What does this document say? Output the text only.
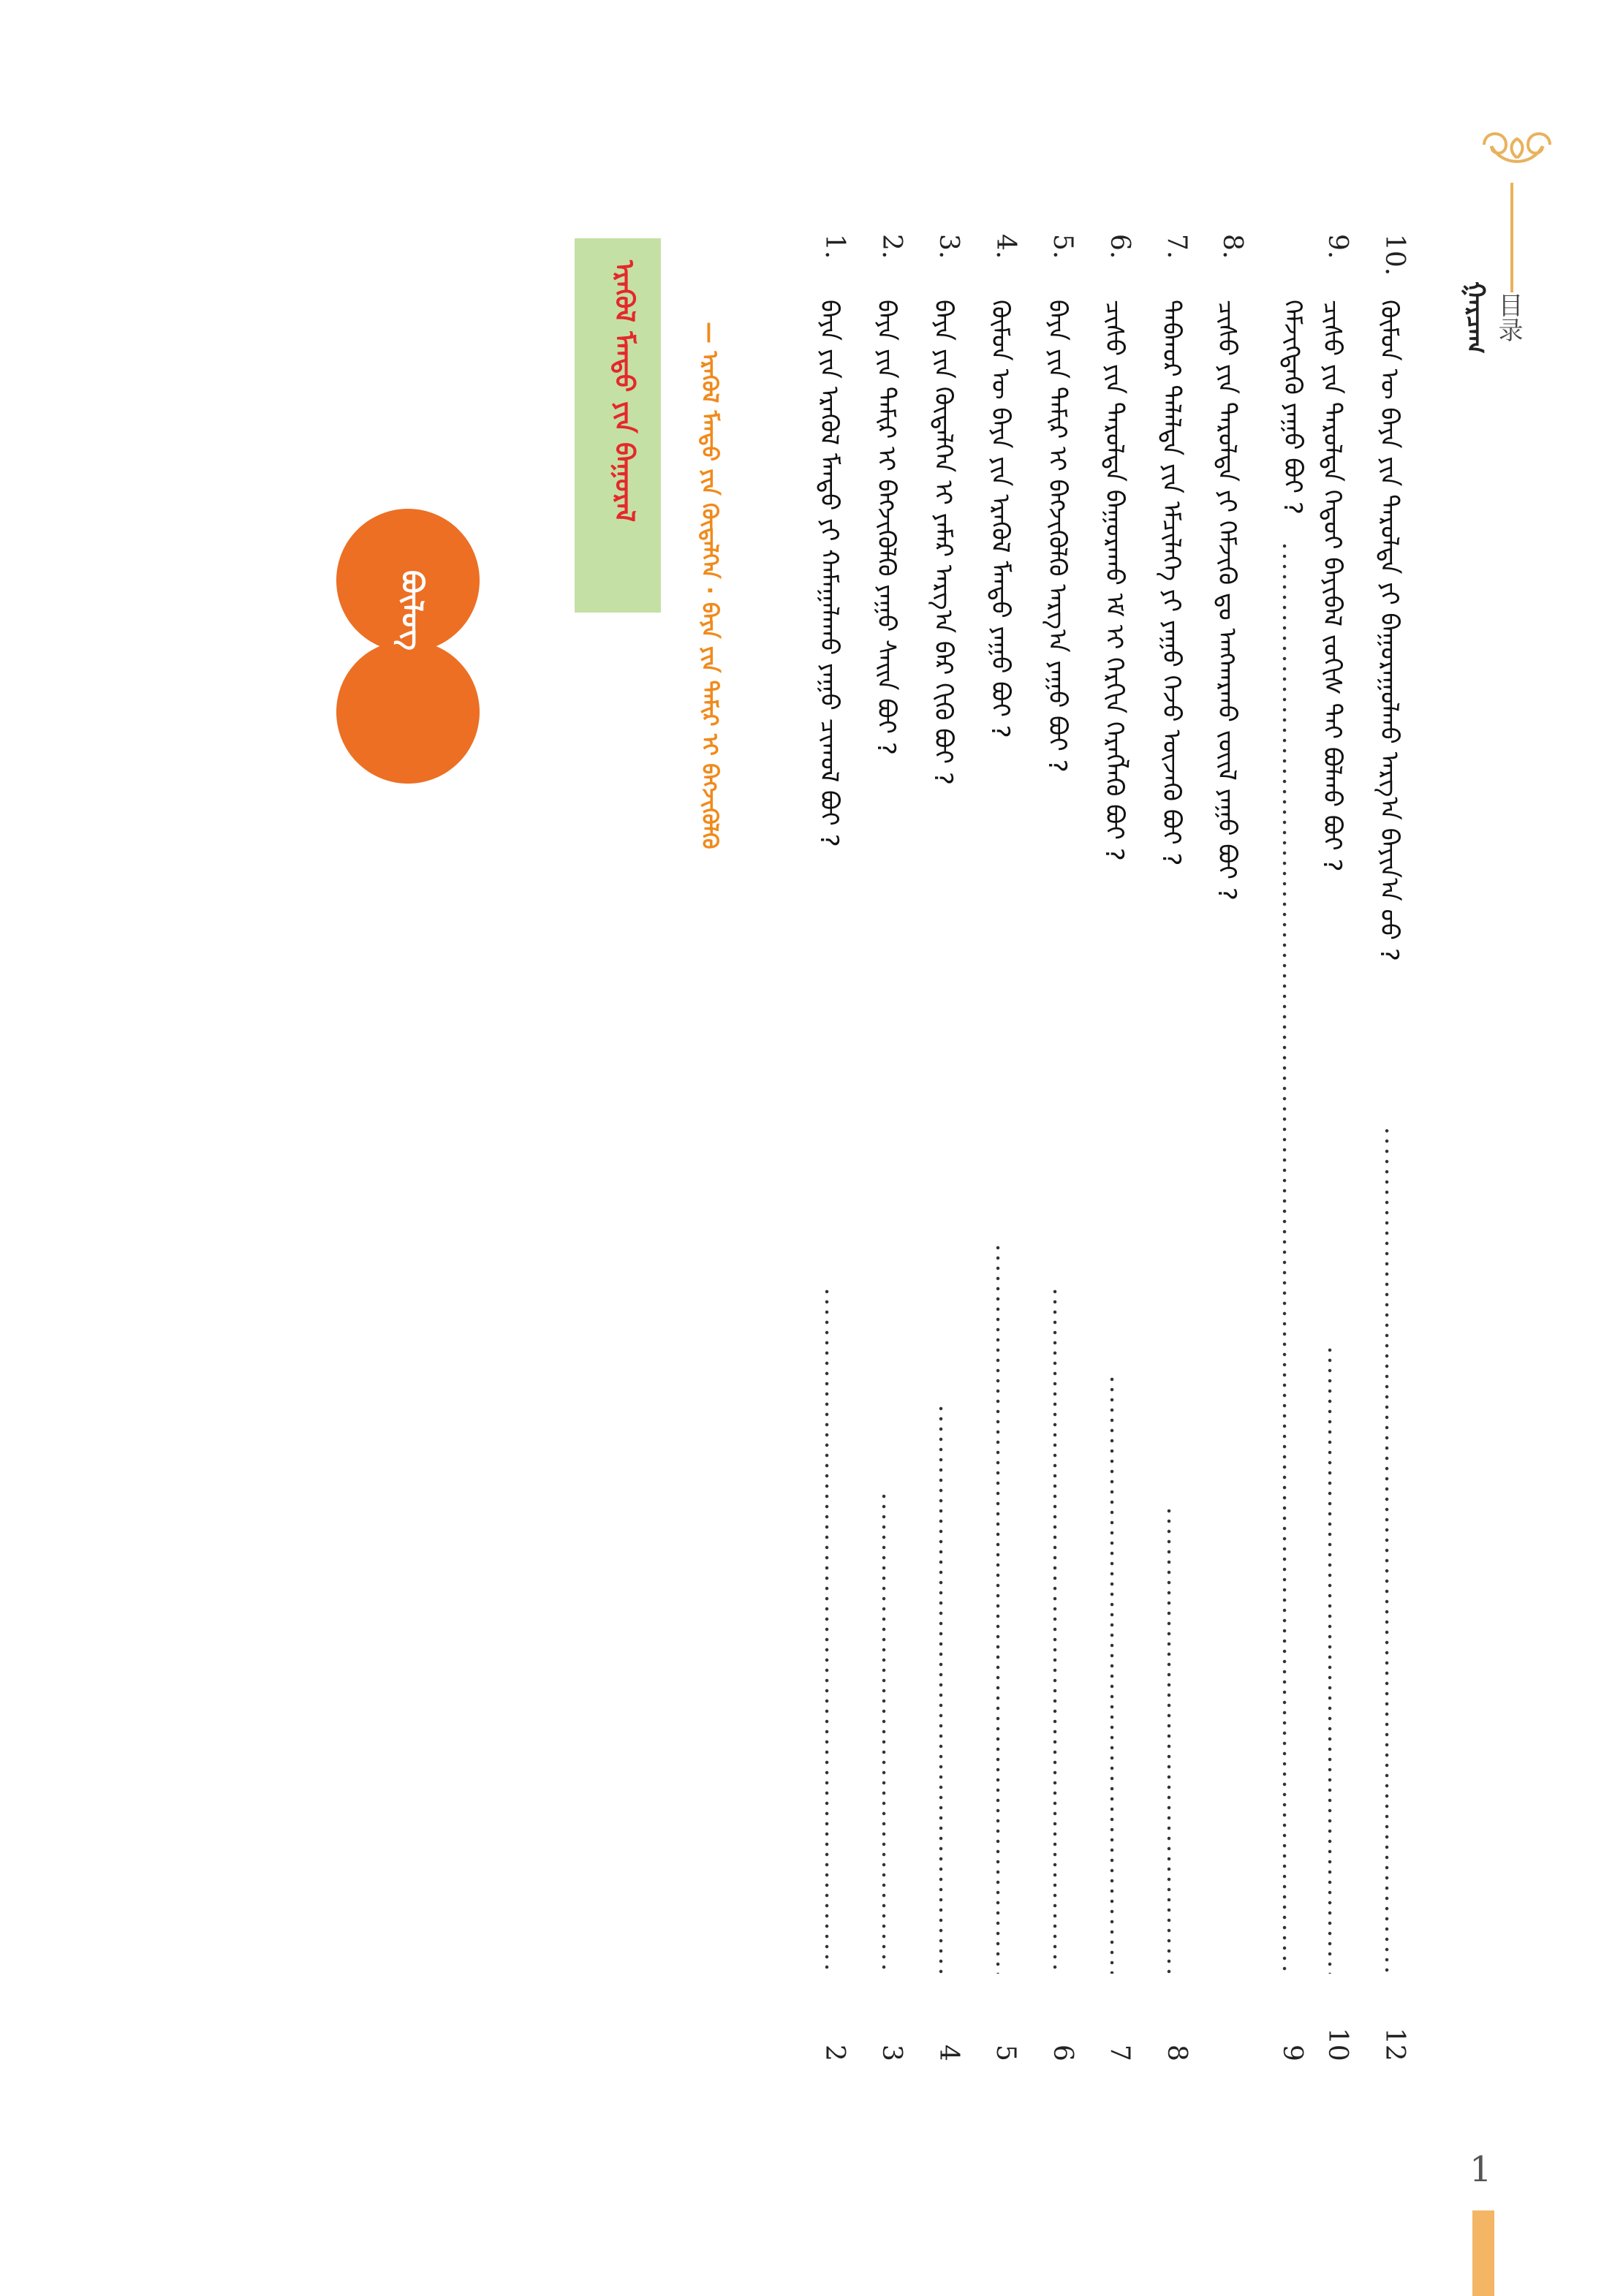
目录
ᠭᠠᠷᠴᠠᠭ
10.
ᠬᠦᠮᠦᠨ ᠦ ᠪᠡᠶᠡ ᠶᠢᠨ ᠳᠠᠷᠤᠯᠲᠠ ᠶᠢ ᠪᠠᠭᠤᠷᠠᠭᠤᠯᠬᠤ ᠠᠷᠭ᠎ᠠ ᠪᠠᠶᠢᠨ᠎ᠠ ᠤᠤ ?
12
9.
ᠴᠢᠰᠤ ᠶᠢᠨ ᠳᠠᠷᠤᠯᠲᠠ ᠬᠡᠳᠦᠢ ᠪᠠᠶᠢᠪᠠᠯ ᠵᠣᠬᠢᠰ ᠲᠠᠢ ᠪᠣᠯᠬᠤ ᠪᠤᠢ ?
10
ᠬᠡᠮᠵᠢᠭᠳᠡᠬᠦ ᠶᠠᠭᠤ ᠪᠤᠢ ?
9
8.
ᠴᠢᠰᠤ ᠶᠢᠨ ᠳᠠᠷᠤᠯᠲᠠ ᠶᠢ ᠬᠡᠮᠵᠢᠬᠦ ᠳᠤ ᠠᠩᠬᠠᠷᠬᠤ ᠵᠦᠢᠯ ᠶᠠᠭᠤ ᠪᠤᠢ ?
7.
ᠳᠠᠪᠬᠤᠷ ᠲᠠᠯᠠᠯᠲᠠ ᠶᠢᠨ ᠡᠮᠴᠢᠯᠡᠭᠡ ᠶᠢ ᠶᠠᠭᠤ ᠭᠡᠵᠦ ᠦᠵᠡᠬᠦ ᠪᠤᠢ ?
8
6.
ᠴᠢᠰᠤ ᠶᠢᠨ ᠳᠠᠷᠤᠯᠲᠠ ᠪᠠᠭᠤᠷᠠᠬᠤ ᠡᠮ ᠢ ᠬᠡᠷᠬᠢᠨ ᠬᠡᠷᠡᠭᠯᠡᠬᠦ ᠪᠤᠢ ?
7
5.
ᠪᠡᠶᠡ ᠶᠢᠨ ᠲᠠᠮᠢᠷ ᠢ ᠪᠡᠬᠵᠢᠭᠦᠯᠬᠦ ᠠᠷᠭ᠎ᠠ ᠶᠠᠭᠤ ᠪᠤᠢ ?
6
4.
ᠬᠦᠮᠦᠨ ᠦ ᠪᠡᠶᠡ ᠶᠢᠨ ᠡᠷᠡᠭᠦᠯ ᠮᠡᠨᠳᠦ ᠶᠠᠭᠤ ᠪᠤᠢ ?
5
3.
ᠪᠡᠶᠡ ᠶᠢᠨ ᠬᠥᠳᠡᠯᠭᠡᠨ ᠢ ᠶᠠᠮᠠᠷ ᠠᠷᠭ᠎ᠠ ᠪᠠᠷ ᠬᠢᠬᠦ ᠪᠤᠢ ?
4
2.
ᠪᠡᠶᠡ ᠶᠢᠨ ᠲᠠᠮᠢᠷ ᠢ ᠪᠡᠬᠵᠢᠭᠦᠯᠬᠦ ᠶᠠᠭᠤ ᠰᠠᠢᠨ ᠪᠤᠢ ?
3
1.
ᠪᠡᠶᠡ ᠶᠢᠨ ᠡᠷᠡᠭᠦᠯ ᠮᠡᠨᠳᠦ ᠶᠢ ᠬᠠᠮᠠᠭᠠᠯᠠᠬᠤ ᠶᠠᠭᠤ ᠴᠢᠬᠤᠯ ᠪᠤᠢ ?
2
ᠡᠷᠡᠭᠦᠯ ᠮᠡᠨᠳᠦ ᠶᠢᠨ ᠪᠠᠭᠤᠷᠠᠯ	— ᠡᠷᠡᠭᠦᠯ ᠮᠡᠨᠳᠦ ᠶᠢᠨ ᠬᠥᠳᠡᠯᠭᠡᠨ · ᠪᠡᠶᠡ ᠶᠢᠨ ᠲᠠᠮᠢᠷ ᠢ ᠪᠡᠬᠵᠢᠭᠦᠯᠬᠦ
ᠪᠦᠯᠦᠭ
1
